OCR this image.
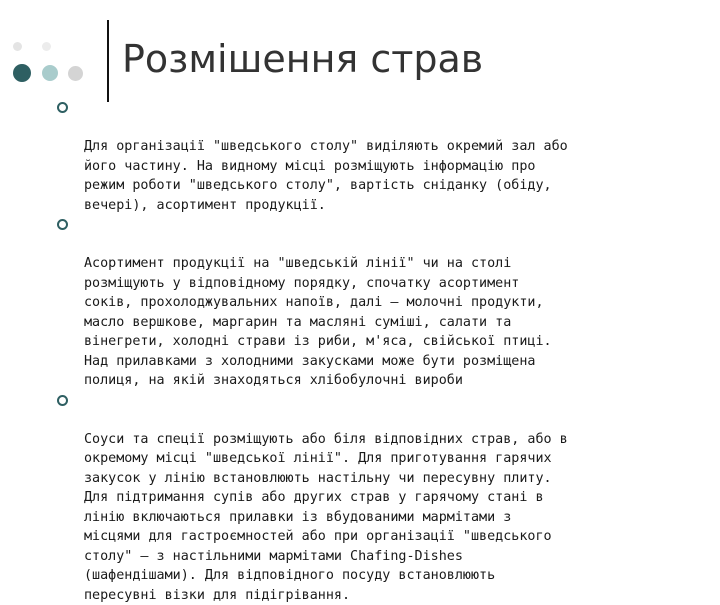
Розмішення страв

Для організації "шведського столу" виділяють окремий зал або
його частину. На видному місці розміщують інформацію про
режим роботи "шведського столу", вартість сніданку (обіду,
вечері), асортимент продукції.

Асортимент продукції на "шведській лінії" чи на столі
розміщують у відповідному порядку, спочатку асортимент
соків, прохолоджувальних напоїв, далі – молочні продукти,
масло вершкове, маргарин та масляні суміші, салати та
вінегрети, холодні страви із риби, м'яса, свійської птиці.
Над прилавками з холодними закусками може бути розміщена
полиця, на якій знаходяться хлібобулочні вироби

Соуси та спеції розміщують або біля відповідних страв, або в
окремому місці "шведської лінії". Для приготування гарячих
закусок у лінію встановлюють настільну чи пересувну плиту.
Для підтримання супів або других страв у гарячому стані в
лінію включаються прилавки із вбудованими мармітами з
місцями для гастроємностей або при організації "шведського
столу" – з настільними мармітами Chafing-Dishes
(шафендішами). Для відповідного посуду встановлюють
пересувні візки для підігрівання.
